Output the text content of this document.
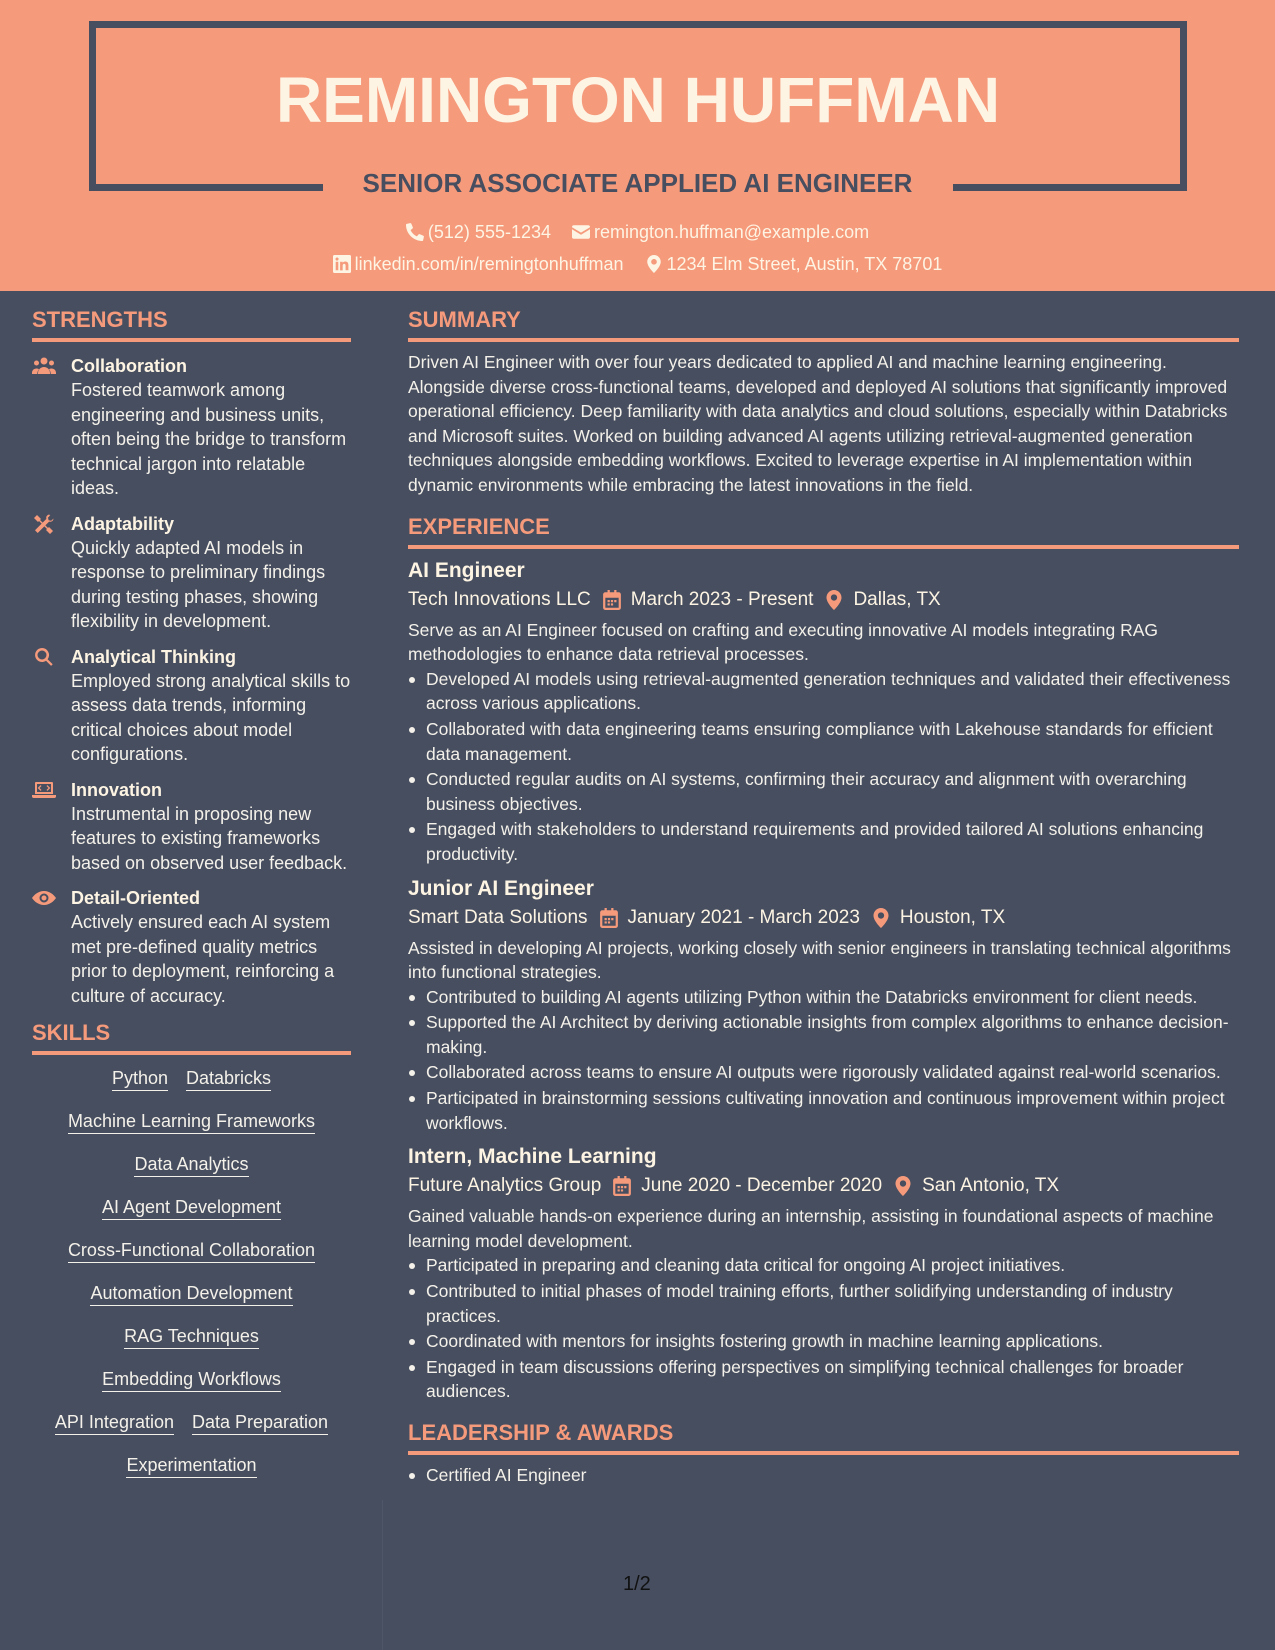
REMINGTON HUFFMAN
SENIOR ASSOCIATE APPLIED AI ENGINEER
(512) 555-1234
remington.huffman@example.com
linkedin.com/in/remingtonhuffman
1234 Elm Street, Austin, TX 78701
STRENGTHS
Collaboration
Fostered teamwork among engineering and business units, often being the bridge to transform technical jargon into relatable ideas.
Adaptability
Quickly adapted AI models in response to preliminary findings during testing phases, showing flexibility in development.
Analytical Thinking
Employed strong analytical skills to assess data trends, informing critical choices about model configurations.
Innovation
Instrumental in proposing new features to existing frameworks based on observed user feedback.
Detail-Oriented
Actively ensured each AI system met pre-defined quality metrics prior to deployment, reinforcing a culture of accuracy.
SKILLS
Python Databricks
Machine Learning Frameworks
Data Analytics
AI Agent Development
Cross-Functional Collaboration
Automation Development
RAG Techniques
Embedding Workflows
API Integration Data Preparation
Experimentation
SUMMARY
Driven AI Engineer with over four years dedicated to applied AI and machine learning engineering. Alongside diverse cross-functional teams, developed and deployed AI solutions that significantly improved operational efficiency. Deep familiarity with data analytics and cloud solutions, especially within Databricks and Microsoft suites. Worked on building advanced AI agents utilizing retrieval-augmented generation techniques alongside embedding workflows. Excited to leverage expertise in AI implementation within dynamic environments while embracing the latest innovations in the field.
EXPERIENCE
AI Engineer
Tech Innovations LLC March 2023 - Present Dallas, TX
Serve as an AI Engineer focused on crafting and executing innovative AI models integrating RAG methodologies to enhance data retrieval processes.
Developed AI models using retrieval-augmented generation techniques and validated their effectiveness across various applications.
Collaborated with data engineering teams ensuring compliance with Lakehouse standards for efficient data management.
Conducted regular audits on AI systems, confirming their accuracy and alignment with overarching business objectives.
Engaged with stakeholders to understand requirements and provided tailored AI solutions enhancing productivity.
Junior AI Engineer
Smart Data Solutions January 2021 - March 2023 Houston, TX
Assisted in developing AI projects, working closely with senior engineers in translating technical algorithms into functional strategies.
Contributed to building AI agents utilizing Python within the Databricks environment for client needs.
Supported the AI Architect by deriving actionable insights from complex algorithms to enhance decision-making.
Collaborated across teams to ensure AI outputs were rigorously validated against real-world scenarios.
Participated in brainstorming sessions cultivating innovation and continuous improvement within project workflows.
Intern, Machine Learning
Future Analytics Group June 2020 - December 2020 San Antonio, TX
Gained valuable hands-on experience during an internship, assisting in foundational aspects of machine learning model development.
Participated in preparing and cleaning data critical for ongoing AI project initiatives.
Contributed to initial phases of model training efforts, further solidifying understanding of industry practices.
Coordinated with mentors for insights fostering growth in machine learning applications.
Engaged in team discussions offering perspectives on simplifying technical challenges for broader audiences.
LEADERSHIP & AWARDS
Certified AI Engineer
1/2
